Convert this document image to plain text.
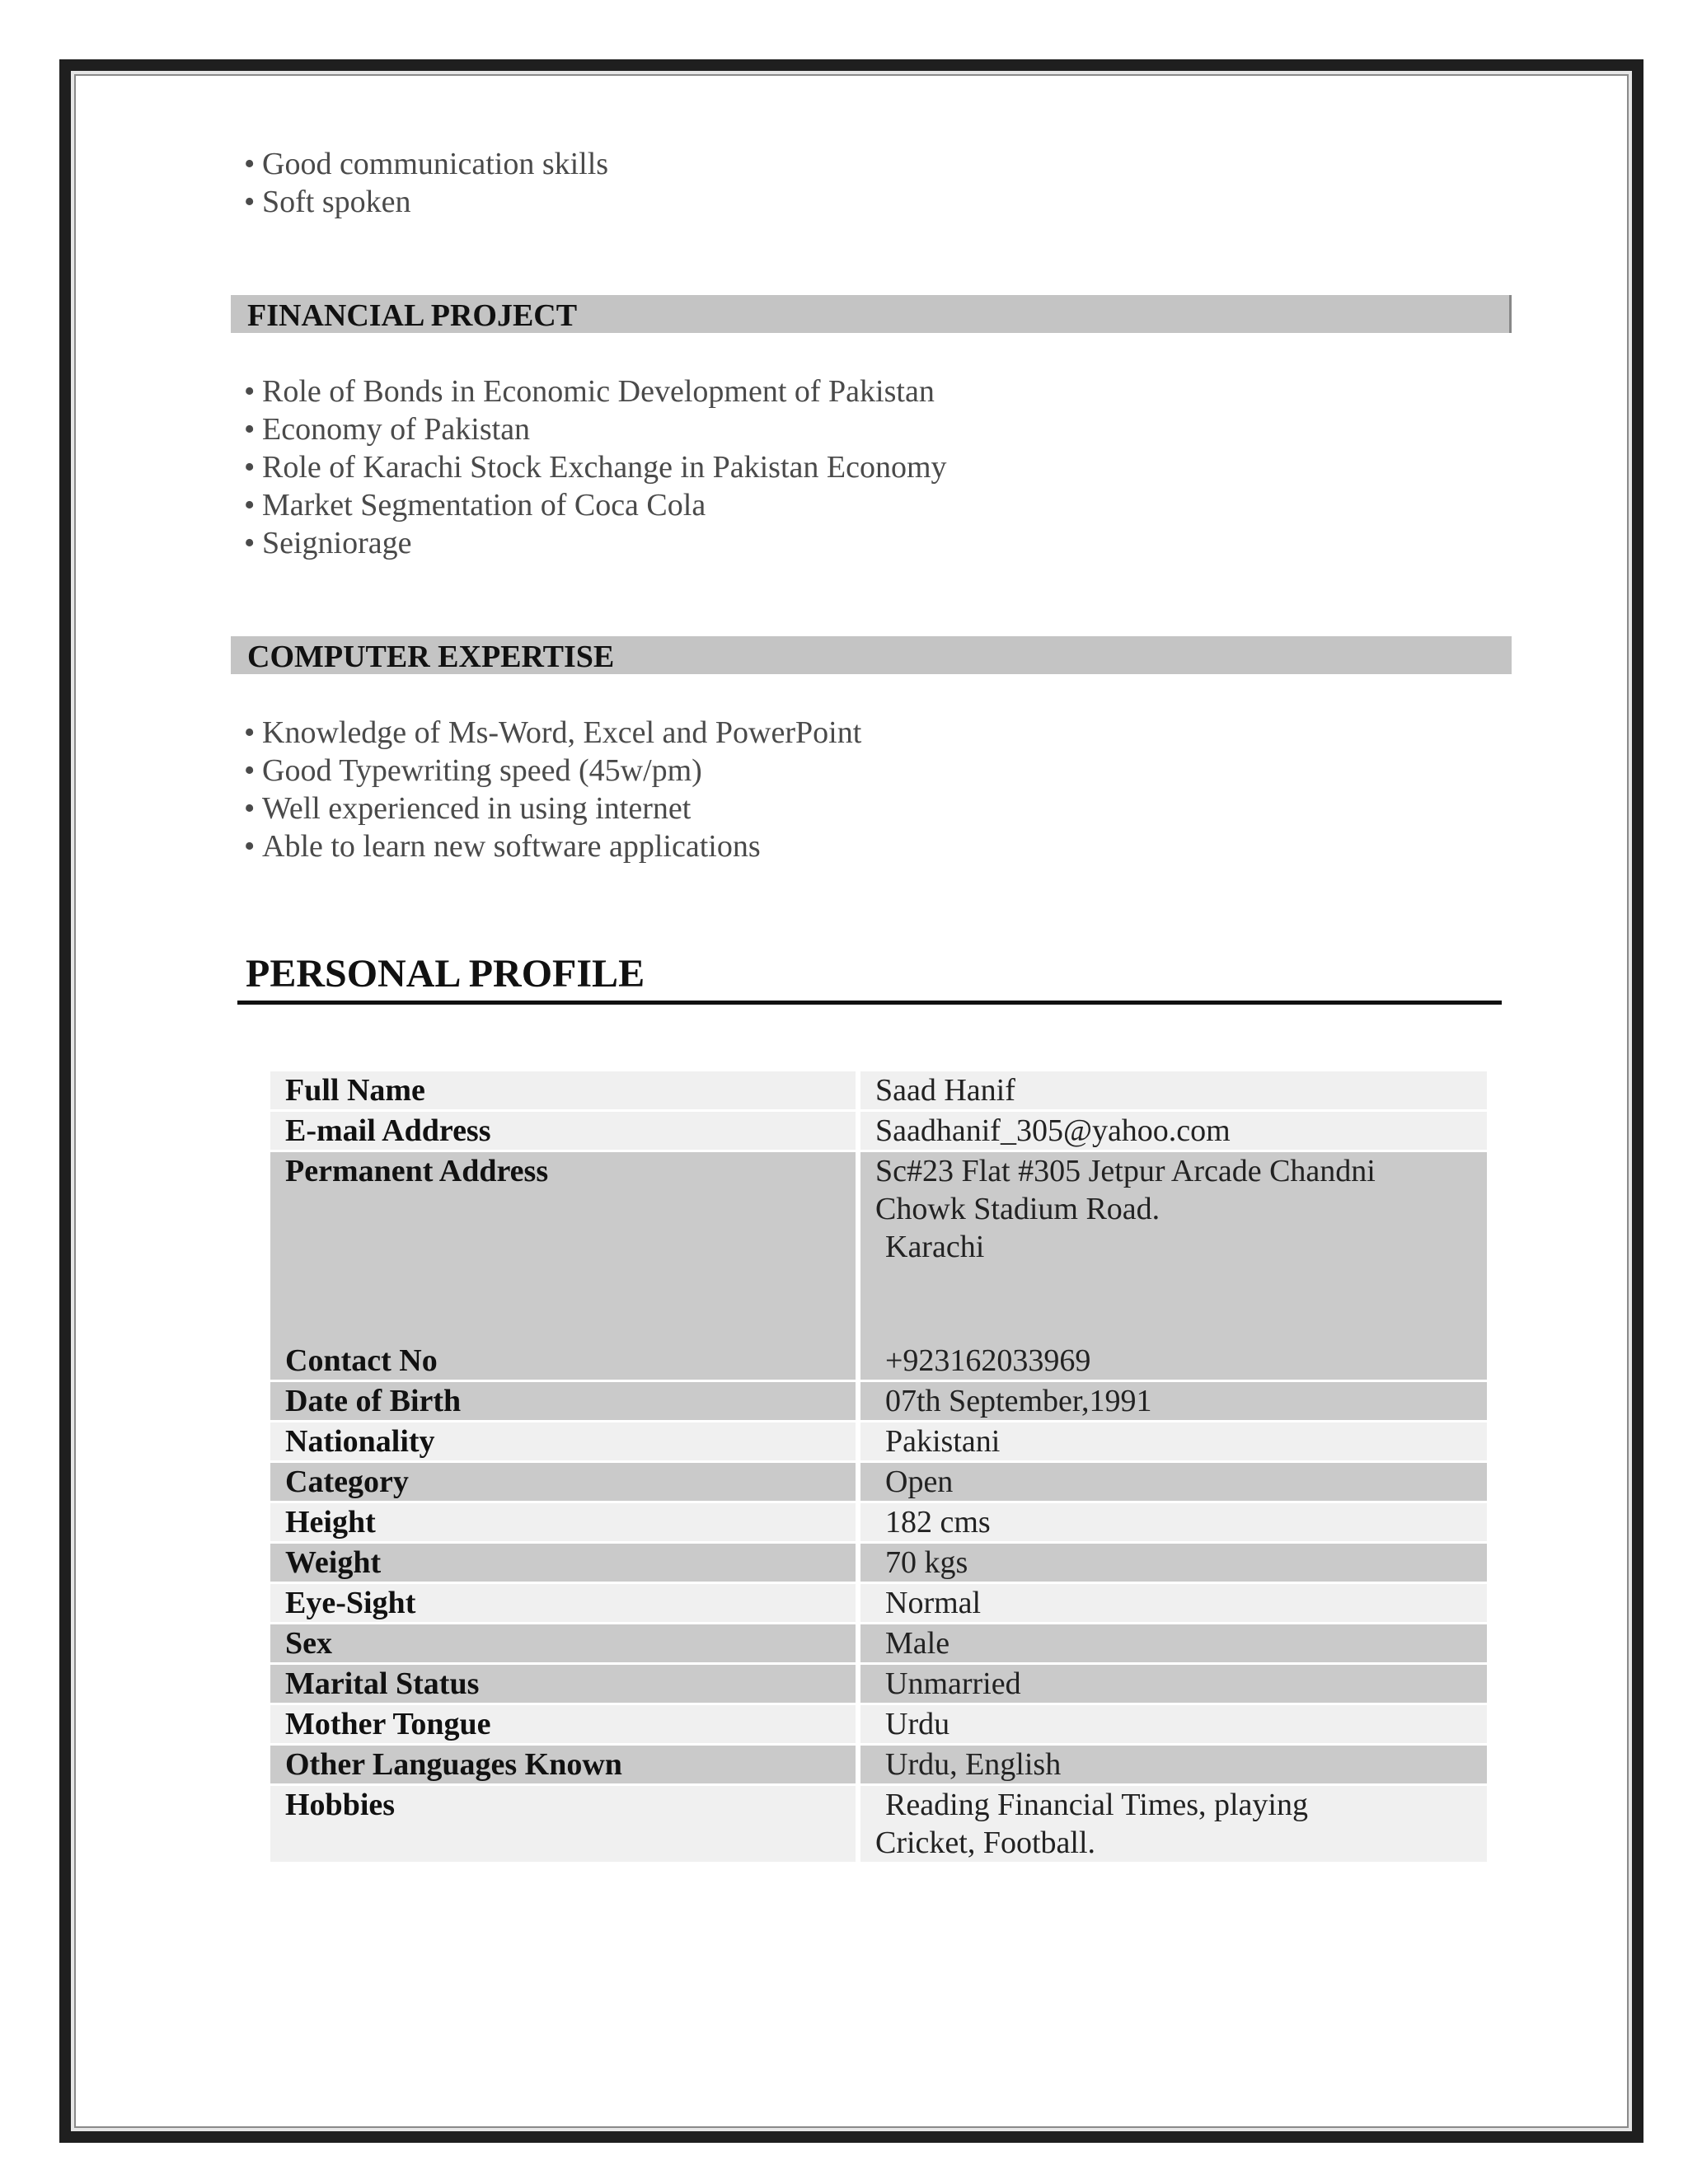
• Good communication skills
• Soft spoken
FINANCIAL PROJECT
• Role of Bonds in Economic Development of Pakistan
• Economy of Pakistan
• Role of Karachi Stock Exchange in Pakistan Economy
• Market Segmentation of Coca Cola
• Seigniorage
COMPUTER EXPERTISE
• Knowledge of Ms-Word, Excel and PowerPoint
• Good Typewriting speed (45w/pm)
• Well experienced in using internet
• Able to learn new software applications
PERSONAL PROFILE
Full Name	Saad Hanif
E-mail Address	Saadhanif_305@yahoo.com
Permanent Address	Sc#23 Flat #305 Jetpur Arcade Chandni
Chowk Stadium Road.
Karachi
Contact No	+923162033969
Date of Birth	07th September,1991
Nationality	Pakistani
Category	Open
Height	182 cms
Weight	70 kgs
Eye-Sight	Normal
Sex	Male
Marital Status	Unmarried
Mother Tongue	Urdu
Other Languages Known	Urdu, English
Hobbies	Reading Financial Times, playing
Cricket, Football.
